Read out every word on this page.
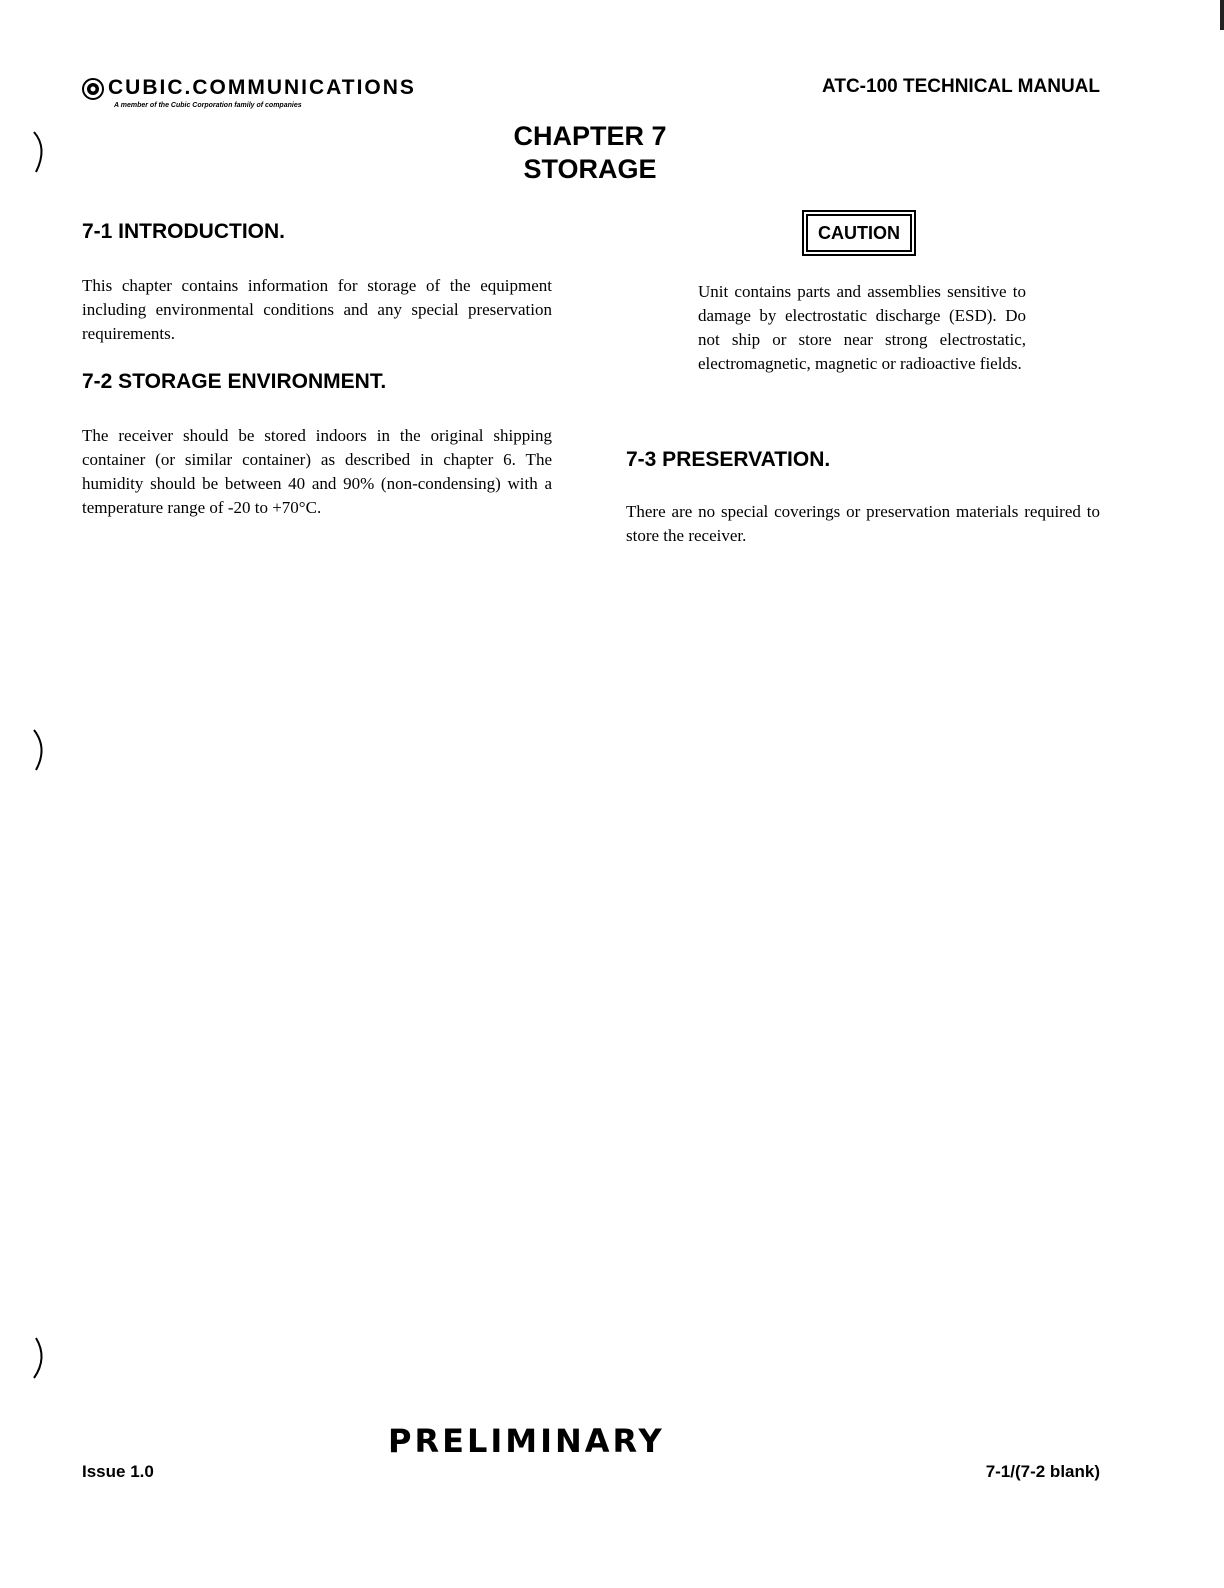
CUBIC.COMMUNICATIONS
A member of the Cubic Corporation family of companies
ATC-100 TECHNICAL MANUAL
CHAPTER 7
STORAGE
7-1 INTRODUCTION.

This chapter contains information for storage of the equipment including environmental conditions and any special preservation requirements.

7-2 STORAGE ENVIRONMENT.

The receiver should be stored indoors in the original shipping container (or similar container) as described in chapter 6. The humidity should be between 40 and 90% (non-condensing) with a temperature range of -20 to +70°C.

CAUTION

Unit contains parts and assemblies sensitive to damage by electrostatic discharge (ESD). Do not ship or store near strong electrostatic, electromagnetic, magnetic or radioactive fields.

7-3 PRESERVATION.

There are no special coverings or preservation materials required to store the receiver.

PRELIMINARY
Issue 1.0	7-1/(7-2 blank)
